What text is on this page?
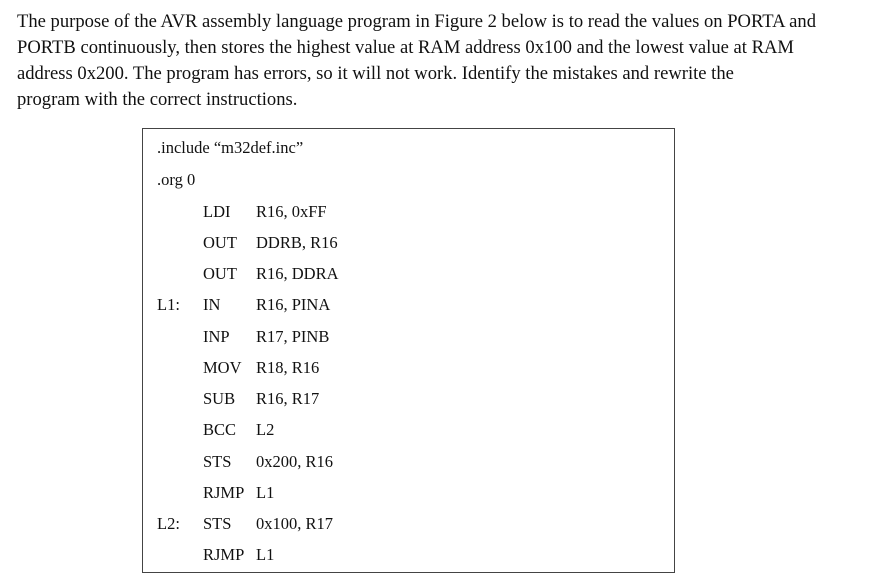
The purpose of the AVR assembly language program in Figure 2 below is to read the values on PORTA and
PORTB continuously, then stores the highest value at RAM address 0x100 and the lowest value at RAM
address 0x200. The program has errors, so it will not work. Identify the mistakes and rewrite the
program with the correct instructions.
.include “m32def.inc”
.org 0
LDI R16, 0xFF
OUT DDRB, R16
OUT R16, DDRA
L1: IN R16, PINA
INP R17, PINB
MOV R18, R16
SUB R16, R17
BCC L2
STS 0x200, R16
RJMP L1
L2: STS 0x100, R17
RJMP L1
